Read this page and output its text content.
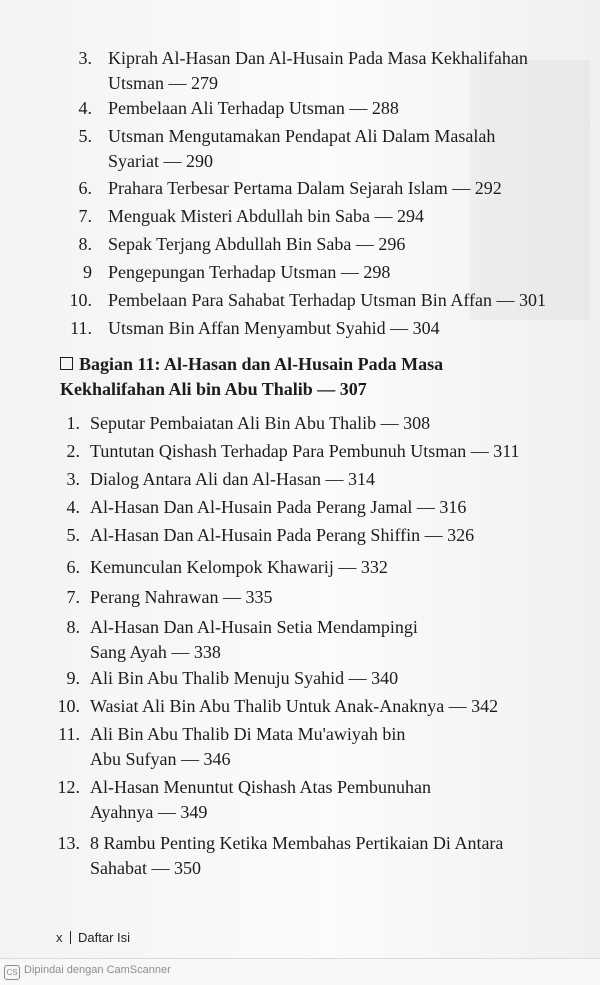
3. Kiprah Al-Hasan Dan Al-Husain Pada Masa Kekhalifahan
Utsman — 279
4. Pembelaan Ali Terhadap Utsman — 288
5. Utsman Mengutamakan Pendapat Ali Dalam Masalah
Syariat — 290
6. Prahara Terbesar Pertama Dalam Sejarah Islam — 292
7. Menguak Misteri Abdullah bin Saba — 294
8. Sepak Terjang Abdullah Bin Saba — 296
9 Pengepungan Terhadap Utsman — 298
10. Pembelaan Para Sahabat Terhadap Utsman Bin Affan — 301
11. Utsman Bin Affan Menyambut Syahid — 304
Bagian 11: Al-Hasan dan Al-Husain Pada Masa
Kekhalifahan Ali bin Abu Thalib — 307
1. Seputar Pembaiatan Ali Bin Abu Thalib — 308
2. Tuntutan Qishash Terhadap Para Pembunuh Utsman — 311
3. Dialog Antara Ali dan Al-Hasan — 314
4. Al-Hasan Dan Al-Husain Pada Perang Jamal — 316
5. Al-Hasan Dan Al-Husain Pada Perang Shiffin — 326
6. Kemunculan Kelompok Khawarij — 332
7. Perang Nahrawan — 335
8. Al-Hasan Dan Al-Husain Setia Mendampingi
Sang Ayah — 338
9. Ali Bin Abu Thalib Menuju Syahid — 340
10. Wasiat Ali Bin Abu Thalib Untuk Anak-Anaknya — 342
11. Ali Bin Abu Thalib Di Mata Mu'awiyah bin
Abu Sufyan — 346
12. Al-Hasan Menuntut Qishash Atas Pembunuhan
Ayahnya — 349
13. 8 Rambu Penting Ketika Membahas Pertikaian Di Antara
Sahabat — 350
x Daftar Isi
CS Dipindai dengan CamScanner
